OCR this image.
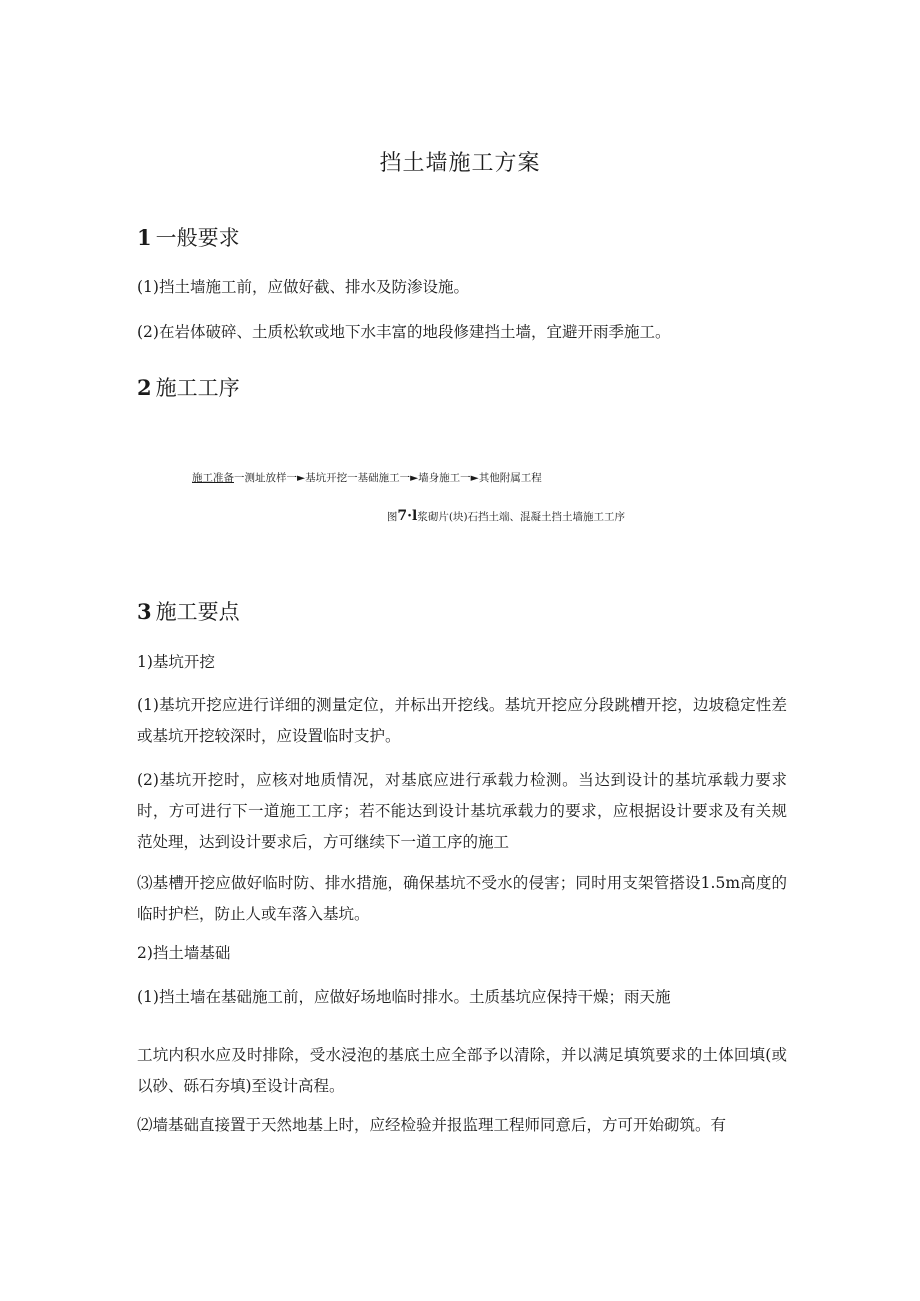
挡土墙施工方案
1 一般要求
(1)挡土墙施工前，应做好截、排水及防渗设施。
(2)在岩体破碎、土质松软或地下水丰富的地段修建挡土墙，宜避开雨季施工。
2 施工工序
施工准备一测址放样一►基坑开挖一基础施工一►墙身施工一►其他附属工程
图7·l浆砌片(块)石挡土端、混凝土挡土墙施工工序
3 施工要点
1)基坑开挖
(1)基坑开挖应进行详细的测量定位，并标出开挖线。基坑开挖应分段跳槽开挖，边坡稳定性差或基坑开挖较深时，应设置临时支护。
(2)基坑开挖时，应核对地质情况，对基底应进行承载力检测。当达到设计的基坑承载力要求时，方可进行下一道施工工序；若不能达到设计基坑承载力的要求，应根据设计要求及有关规范处理，达到设计要求后，方可继续下一道工序的施工
⑶基槽开挖应做好临时防、排水措施，确保基坑不受水的侵害；同时用支架管搭设1.5m高度的临时护栏，防止人或车落入基坑。
2)挡土墙基础
(1)挡土墙在基础施工前，应做好场地临时排水。土质基坑应保持干燥；雨天施
工坑内积水应及时排除，受水浸泡的基底土应全部予以清除，并以满足填筑要求的土体回填(或以砂、砾石夯填)至设计高程。
⑵墙基础直接置于天然地基上时，应经检验并报监理工程师同意后，方可开始砌筑。有
